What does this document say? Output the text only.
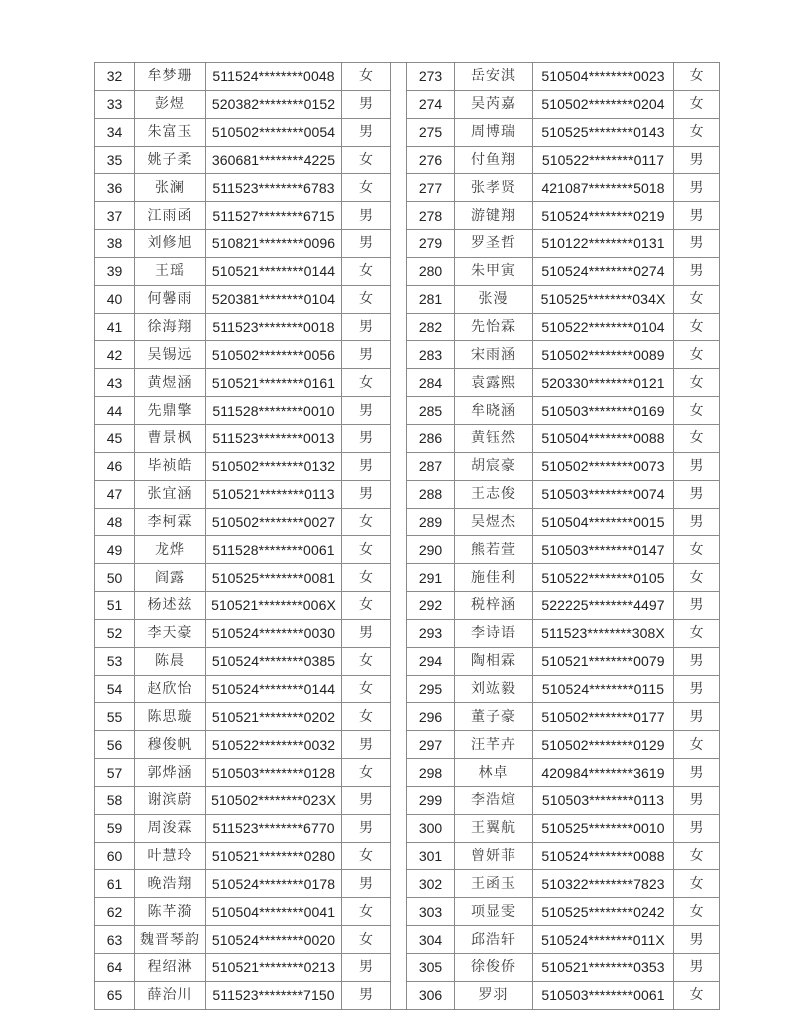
32	牟梦珊	511524********0048	女		273	岳安淇	510504********0023	女
33	彭煜	520382********0152	男		274	吴芮嘉	510502********0204	女
34	朱富玉	510502********0054	男		275	周博瑞	510525********0143	女
35	姚子柔	360681********4225	女		276	付鱼翔	510522********0117	男
36	张澜	511523********6783	女		277	张孝贤	421087********5018	男
37	江雨函	511527********6715	男		278	游键翔	510524********0219	男
38	刘修旭	510821********0096	男		279	罗圣哲	510122********0131	男
39	王瑶	510521********0144	女		280	朱甲寅	510524********0274	男
40	何馨雨	520381********0104	女		281	张漫	510525********034X	女
41	徐海翔	511523********0018	男		282	先怡霖	510522********0104	女
42	吴锡远	510502********0056	男		283	宋雨涵	510502********0089	女
43	黄煜涵	510521********0161	女		284	袁露熙	520330********0121	女
44	先鼎擎	511528********0010	男		285	牟晓涵	510503********0169	女
45	曹景枫	511523********0013	男		286	黄钰然	510504********0088	女
46	毕祯皓	510502********0132	男		287	胡宸豪	510502********0073	男
47	张宜涵	510521********0113	男		288	王志俊	510503********0074	男
48	李柯霖	510502********0027	女		289	吴煜杰	510504********0015	男
49	龙烨	511528********0061	女		290	熊若萱	510503********0147	女
50	阎露	510525********0081	女		291	施佳利	510522********0105	女
51	杨述兹	510521********006X	女		292	税梓涵	522225********4497	男
52	李天豪	510524********0030	男		293	李诗语	511523********308X	女
53	陈晨	510524********0385	女		294	陶相霖	510521********0079	男
54	赵欣怡	510524********0144	女		295	刘竑毅	510524********0115	男
55	陈思璇	510521********0202	女		296	董子豪	510502********0177	男
56	穆俊帆	510522********0032	男		297	汪芊卉	510502********0129	女
57	郭烨涵	510503********0128	女		298	林卓	420984********3619	男
58	谢滨蔚	510502********023X	男		299	李浩煊	510503********0113	男
59	周浚霖	511523********6770	男		300	王翼航	510525********0010	男
60	叶慧玲	510521********0280	女		301	曾妍菲	510524********0088	女
61	晚浩翔	510524********0178	男		302	王函玉	510322********7823	女
62	陈芊漪	510504********0041	女		303	项显雯	510525********0242	女
63	魏晋琴韵	510524********0020	女		304	邱浩轩	510524********011X	男
64	程绍淋	510521********0213	男		305	徐俊侨	510521********0353	男
65	薛治川	511523********7150	男		306	罗羽	510503********0061	女
